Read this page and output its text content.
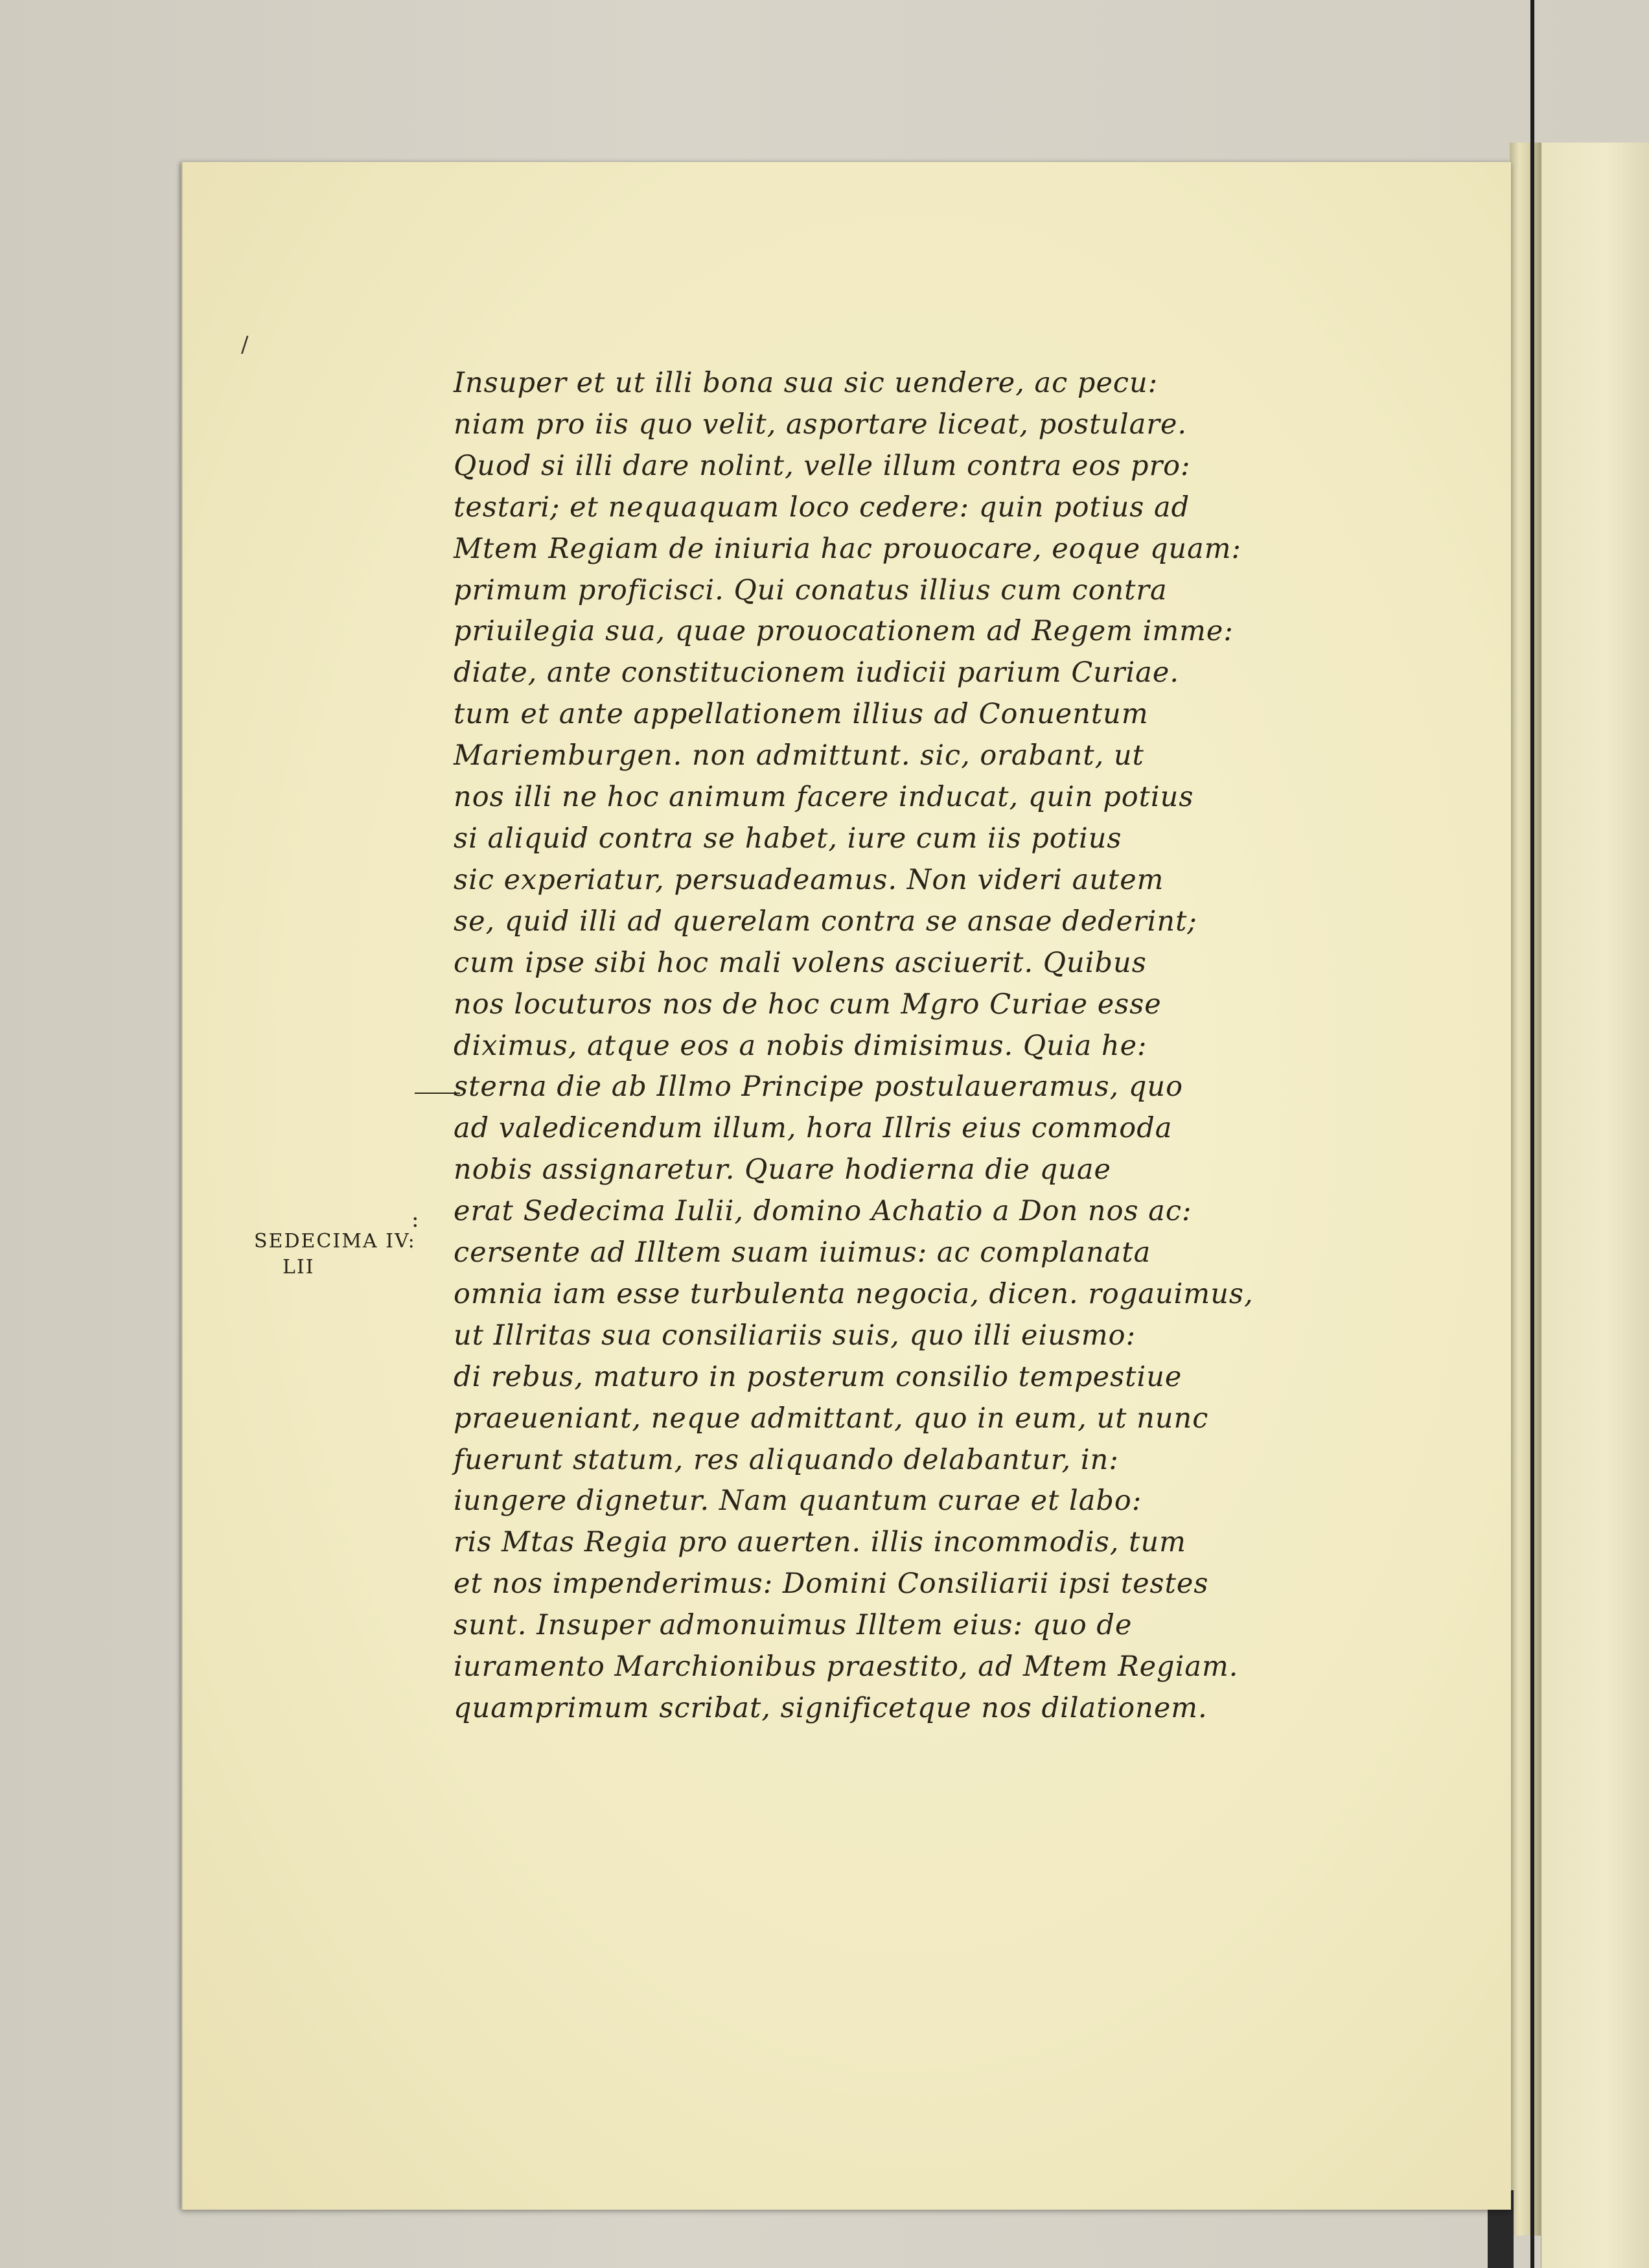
/
SEDECIMA IV:
LII
:
Insuper et ut illi bona sua sic uendere, ac pecu:
niam pro iis quo velit, asportare liceat, postulare.
Quod si illi dare nolint, velle illum contra eos pro:
testari; et nequaquam loco cedere: quin potius ad
Mtem Regiam de iniuria hac prouocare, eoque quam:
primum proficisci. Qui conatus illius cum contra
priuilegia sua, quae prouocationem ad Regem imme:
diate, ante constitucionem iudicii parium Curiae.
tum et ante appellationem illius ad Conuentum
Mariemburgen. non admittunt. sic, orabant, ut
nos illi ne hoc animum facere inducat, quin potius
si aliquid contra se habet, iure cum iis potius
sic experiatur, persuadeamus. Non videri autem
se, quid illi ad querelam contra se ansae dederint;
cum ipse sibi hoc mali volens asciuerit. Quibus
nos locuturos nos de hoc cum Mgro Curiae esse
diximus, atque eos a nobis dimisimus. Quia he:
sterna die ab Illmo Principe postulaueramus, quo
ad valedicendum illum, hora Illris eius commoda
nobis assignaretur. Quare hodierna die quae
erat Sedecima Iulii, domino Achatio a Don nos ac:
cersente ad Illtem suam iuimus: ac complanata
omnia iam esse turbulenta negocia, dicen. rogauimus,
ut Illritas sua consiliariis suis, quo illi eiusmo:
di rebus, maturo in posterum consilio tempestiue
praeueniant, neque admittant, quo in eum, ut nunc
fuerunt statum, res aliquando delabantur, in:
iungere dignetur. Nam quantum curae et labo:
ris Mtas Regia pro auerten. illis incommodis, tum
et nos impenderimus: Domini Consiliarii ipsi testes
sunt. Insuper admonuimus Illtem eius: quo de
iuramento Marchionibus praestito, ad Mtem Regiam.
quamprimum scribat, significetque nos dilationem.
